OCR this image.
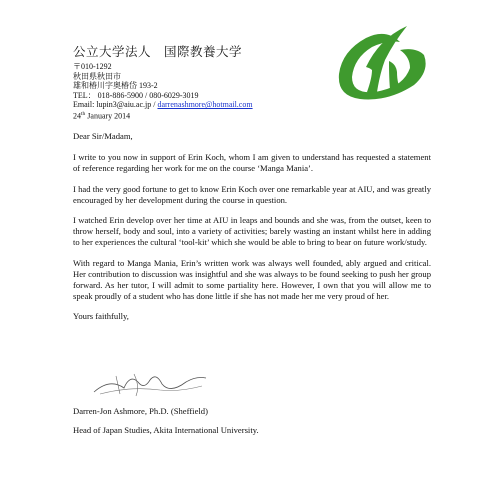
公立大学法人　国際教養大学
〒010-1292
秋田県秋田市
雄和椿川字奥椿岱 193-2
TEL： 018-886-5900 / 080-6029-3019
Email: lupin3@aiu.ac.jp / darrenashmore@hotmail.com
24th January 2014

Dear Sir/Madam,

I write to you now in support of Erin Koch, whom I am given to understand has requested a statement of reference regarding her work for me on the course ‘Manga Mania’.

I had the very good fortune to get to know Erin Koch over one remarkable year at AIU, and was greatly encouraged by her development during the course in question.

I watched Erin develop over her time at AIU in leaps and bounds and she was, from the outset, keen to throw herself, body and soul, into a variety of activities; barely wasting an instant whilst here in adding to her experiences the cultural ‘tool-kit’ which she would be able to bring to bear on future work/study.

With regard to Manga Mania, Erin’s written work was always well founded, ably argued and critical. Her contribution to discussion was insightful and she was always to be found seeking to push her group forward. As her tutor, I will admit to some partiality here. However, I own that you will allow me to speak proudly of a student who has done little if she has not made her me very proud of her.

Yours faithfully,

Darren-Jon Ashmore, Ph.D. (Sheffield)
Head of Japan Studies, Akita International University.
